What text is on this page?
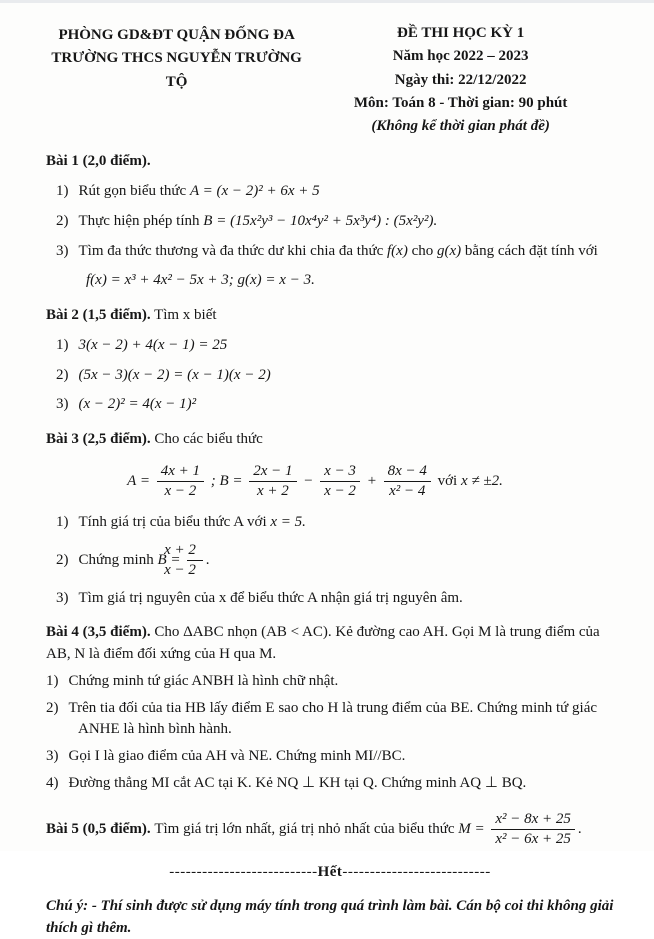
PHÒNG GD&ĐT QUẬN ĐỐNG ĐA
TRƯỜNG THCS NGUYỄN TRƯỜNG TỘ
ĐỀ THI HỌC KỲ 1
Năm học 2022 – 2023
Ngày thi: 22/12/2022
Môn: Toán 8 - Thời gian: 90 phút
(Không kể thời gian phát đề)
Bài 1 (2,0 điểm).
1) Rút gọn biểu thức A = (x − 2)² + 6x + 5
2) Thực hiện phép tính B = (15x²y³ − 10x⁴y² + 5x³y⁴) : (5x²y²).
3) Tìm đa thức thương và đa thức dư khi chia đa thức f(x) cho g(x) bằng cách đặt tính với
f(x) = x³ + 4x² − 5x + 3; g(x) = x − 3.
Bài 2 (1,5 điểm). Tìm x biết
1) 3(x − 2) + 4(x − 1) = 25
2) (5x − 3)(x − 2) = (x − 1)(x − 2)
3) (x − 2)² = 4(x − 1)²
Bài 3 (2,5 điểm). Cho các biểu thức
$A = \frac{4x + 1}{x - 2}$ ; $B = \frac{2x - 1}{x + 2} - \frac{x - 3}{x - 2} + \frac{8x - 4}{\text{x² − 4}}$ với x ≠ ±2.
1) Tính giá trị của biểu thức A với x = 5.
2) Chứng minh $B = \frac{x + 2}{x - 2}$ .
3) Tìm giá trị nguyên của x để biểu thức A nhận giá trị nguyên âm.
Bài 4 (3,5 điểm). Cho ΔABC nhọn (AB < AC). Kẻ đường cao AH. Gọi M là trung điểm của AB, N là điểm đối xứng của H qua M.
1) Chứng minh tứ giác ANBH là hình chữ nhật.
2) Trên tia đối của tia HB lấy điểm E sao cho H là trung điểm của BE. Chứng minh tứ giác ANHE là hình bình hành.
3) Gọi I là giao điểm của AH và NE. Chứng minh MI//BC.
4) Đường thẳng MI cắt AC tại K. Kẻ NQ ⊥ KH tại Q. Chứng minh AQ ⊥ BQ.
Bài 5 (0,5 điểm). Tìm giá trị lớn nhất, giá trị nhỏ nhất của biểu thức $M = \frac{\text{x² − 8x + 25}}{\text{x² − 6x + 25}}$ .
---------------------------Hết---------------------------
Chú ý: - Thí sinh được sử dụng máy tính trong quá trình làm bài. Cán bộ coi thi không giải thích gì thêm.
